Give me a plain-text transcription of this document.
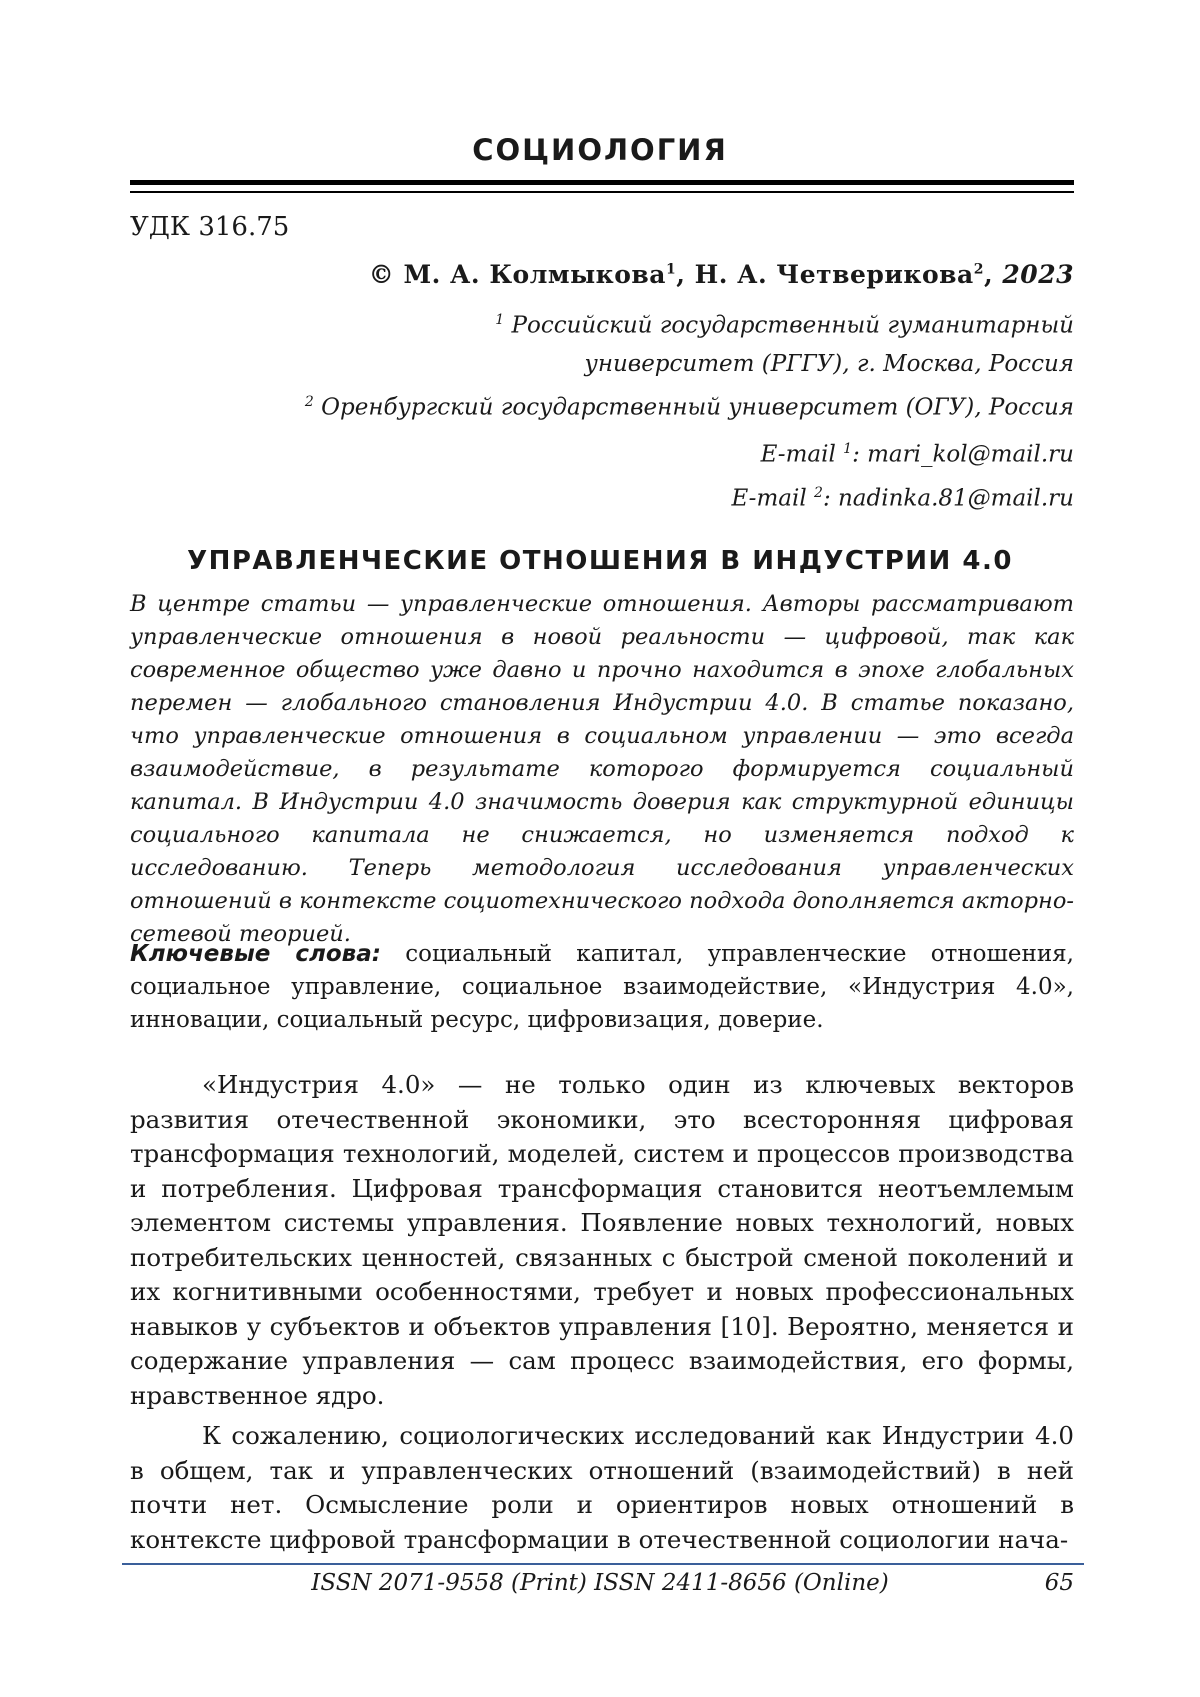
СОЦИОЛОГИЯ
УДК 316.75
© М. А. Колмыкова$^1$, Н. А. Четверикова$^2$, 2023
$^1$ Российский государственный гуманитарный
университет (РГГУ), г. Москва, Россия
$^2$ Оренбургский государственный университет (ОГУ), Россия
E-mail $^1$: mari_kol@mail.ru
E-mail $^2$: nadinka.81@mail.ru
УПРАВЛЕНЧЕСКИЕ ОТНОШЕНИЯ В ИНДУСТРИИ 4.0
В центре статьи — управленческие отношения. Авторы рассматривают управленческие отношения в новой реальности — цифровой, так как современное общество уже давно и прочно находится в эпохе глобальных перемен — глобального становления Индустрии 4.0. В статье показано, что управленческие отношения в социальном управлении — это всегда взаимодействие, в результате которого формируется социальный капитал. В Индустрии 4.0 значимость доверия как структурной единицы социального капитала не снижается, но изменяется подход к исследованию. Теперь методология исследования управленческих отношений в контексте социотехнического подхода дополняется акторно-сетевой теорией.
Ключевые слова: социальный капитал, управленческие отношения, социальное управление, социальное взаимодействие, «Индустрия 4.0», инновации, социальный ресурс, цифровизация, доверие.

«Индустрия 4.0» — не только один из ключевых векторов развития отечественной экономики, это всесторонняя цифровая трансформация технологий, моделей, систем и процессов производства и потребления. Цифровая трансформация становится неотъемлемым элементом системы управления. Появление новых технологий, новых потребительских ценностей, связанных с быстрой сменой поколений и их когнитивными особенностями, требует и новых профессиональных навыков у субъектов и объектов управления [10]. Вероятно, меняется и содержание управления — сам процесс взаимодействия, его формы, нравственное ядро.

К сожалению, социологических исследований как Индустрии 4.0 в общем, так и управленческих отношений (взаимодействий) в ней почти нет. Осмысление роли и ориентиров новых отношений в контексте цифровой трансформации в отечественной социологии нача-

ISSN 2071-9558 (Print) ISSN 2411-8656 (Online)	65
